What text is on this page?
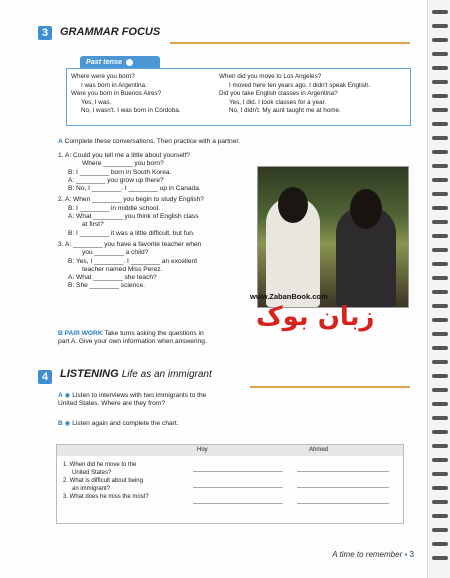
3	GRAMMAR FOCUS
Past tense
Where were you born?
I was born in Argentina.
Were you born in Buenos Aires?
Yes, I was.
No, I wasn't. I was born in Córdoba.
When did you move to Los Angeles?
I moved here ten years ago. I didn't speak English.
Did you take English classes in Argentina?
Yes, I did. I took classes for a year.
No, I didn't. My aunt taught me at home.
A Complete these conversations. Then practice with a partner.
1. A: Could you tell me a little about yourself?
Where ________ you born?
B: I ________ born in South Korea.
A: ________ you grow up there?
B: No, I ________. I ________ up in Canada.
2. A: When ________ you begin to study English?
B: I ________ in middle school.
A: What ________ you think of English class
at first?
B: I ________ it was a little difficult, but fun.
3. A: ________ you have a favorite teacher when
you ________ a child?
B: Yes, I ________. I ________ an excellent
teacher named Miss Perez.
A: What ________ she teach?
B: She ________ science.
www.ZabanBook.com
زبان بوک
B PAIR WORK Take turns asking the questions in
part A. Give your own information when answering.
4	LISTENING Life as an immigrant
A ◉ Listen to interviews with two immigrants to the
United States. Where are they from?
B ◉ Listen again and complete the chart.
Hoy	Ahmed
1. When did he move to the
United States?
2. What is difficult about being
an immigrant?
3. What does he miss the most?
A time to remember ▪ 3
